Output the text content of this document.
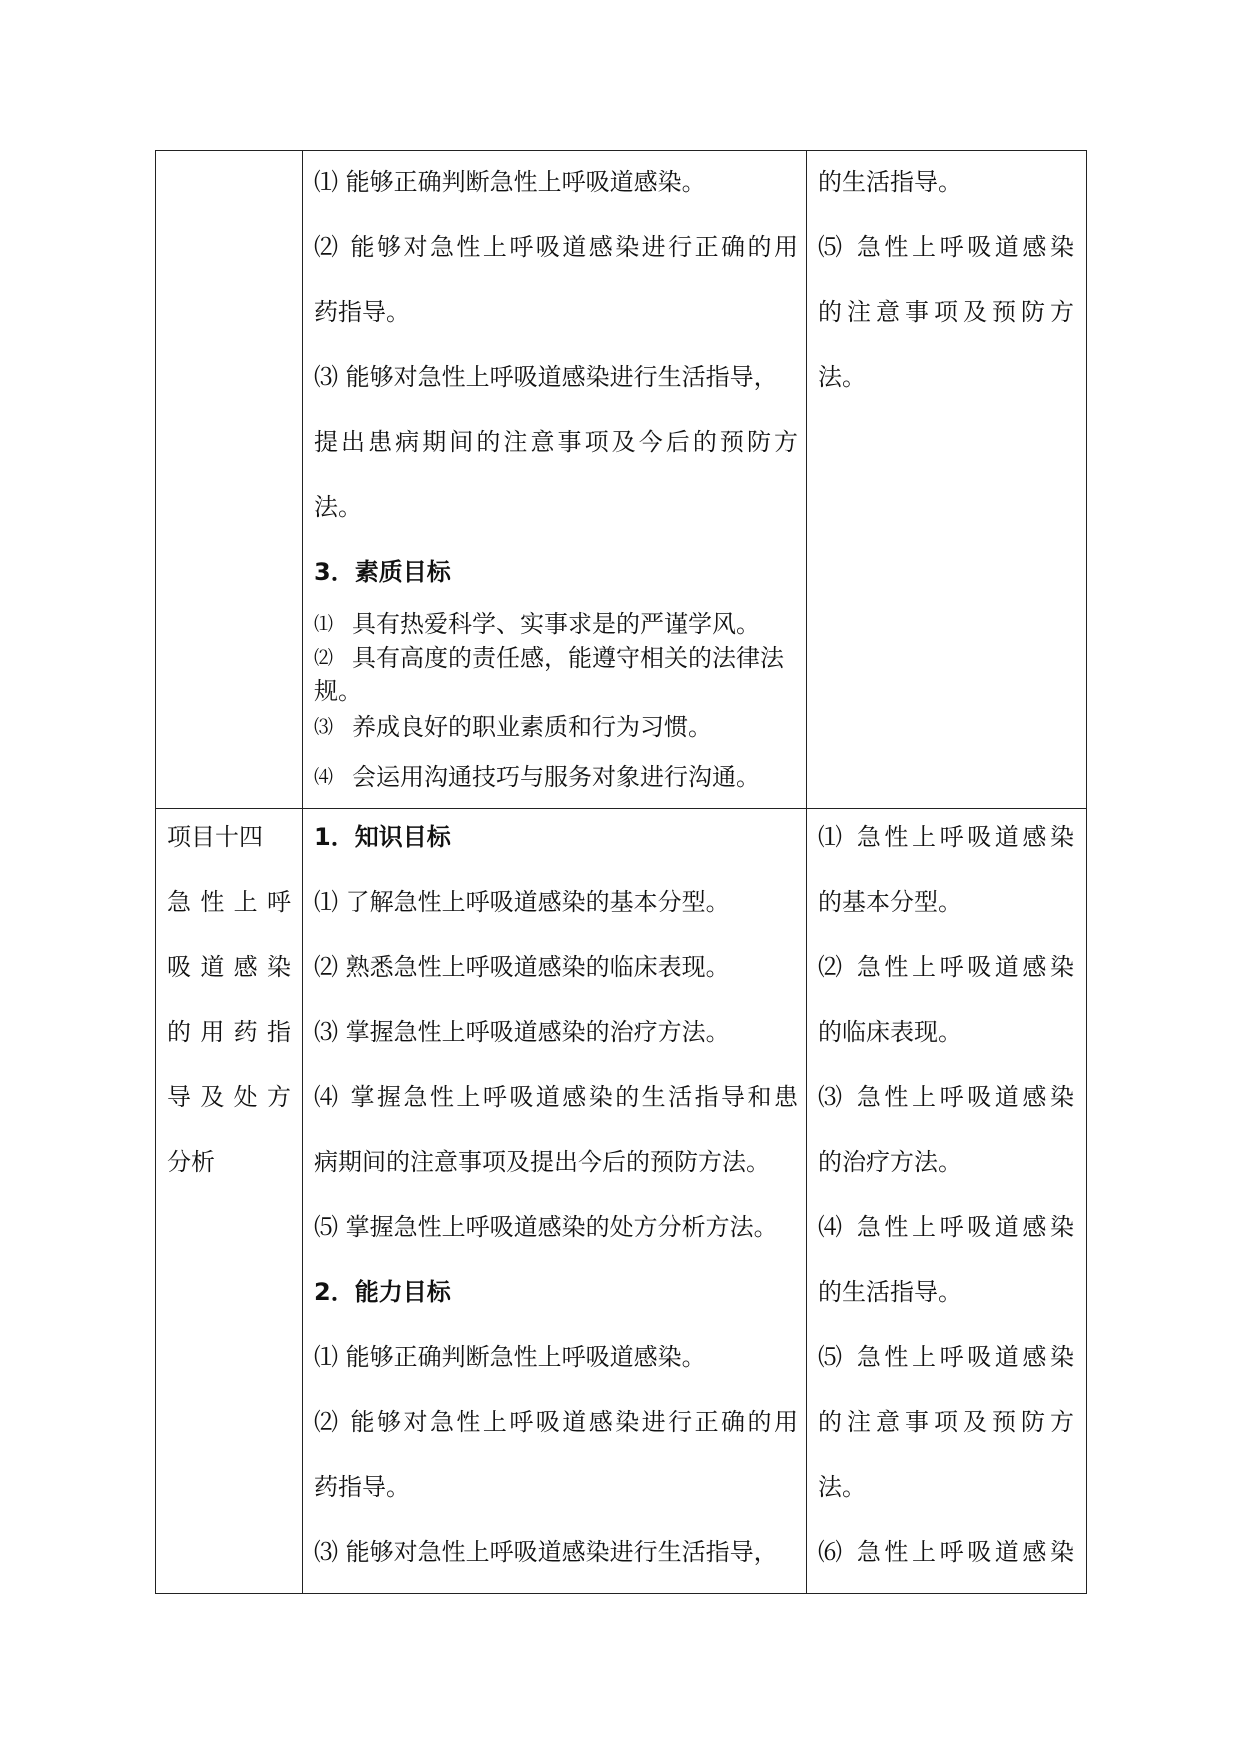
⑴ 能够正确判断急性上呼吸道感染。
⑵ 能够对急性上呼吸道感染进行正确的用
药指导。
⑶ 能够对急性上呼吸道感染进行生活指导，
提出患病期间的注意事项及今后的预防方
法。
3．素质目标
⑴ 具有热爱科学、实事求是的严谨学风。
⑵ 具有高度的责任感，能遵守相关的法律法
规。
⑶ 养成良好的职业素质和行为习惯。
⑷ 会运用沟通技巧与服务对象进行沟通。
的生活指导。
⑸ 急性上呼吸道感染
的注意事项及预防方
法。
项目十四
急性上呼
吸道感染
的用药指
导及处方
分析
1．知识目标
⑴ 了解急性上呼吸道感染的基本分型。
⑵ 熟悉急性上呼吸道感染的临床表现。
⑶ 掌握急性上呼吸道感染的治疗方法。
⑷ 掌握急性上呼吸道感染的生活指导和患
病期间的注意事项及提出今后的预防方法。
⑸ 掌握急性上呼吸道感染的处方分析方法。
2．能力目标
⑴ 能够正确判断急性上呼吸道感染。
⑵ 能够对急性上呼吸道感染进行正确的用
药指导。
⑶ 能够对急性上呼吸道感染进行生活指导，
⑴ 急性上呼吸道感染
的基本分型。
⑵ 急性上呼吸道感染
的临床表现。
⑶ 急性上呼吸道感染
的治疗方法。
⑷ 急性上呼吸道感染
的生活指导。
⑸ 急性上呼吸道感染
的注意事项及预防方
法。
⑹ 急性上呼吸道感染
